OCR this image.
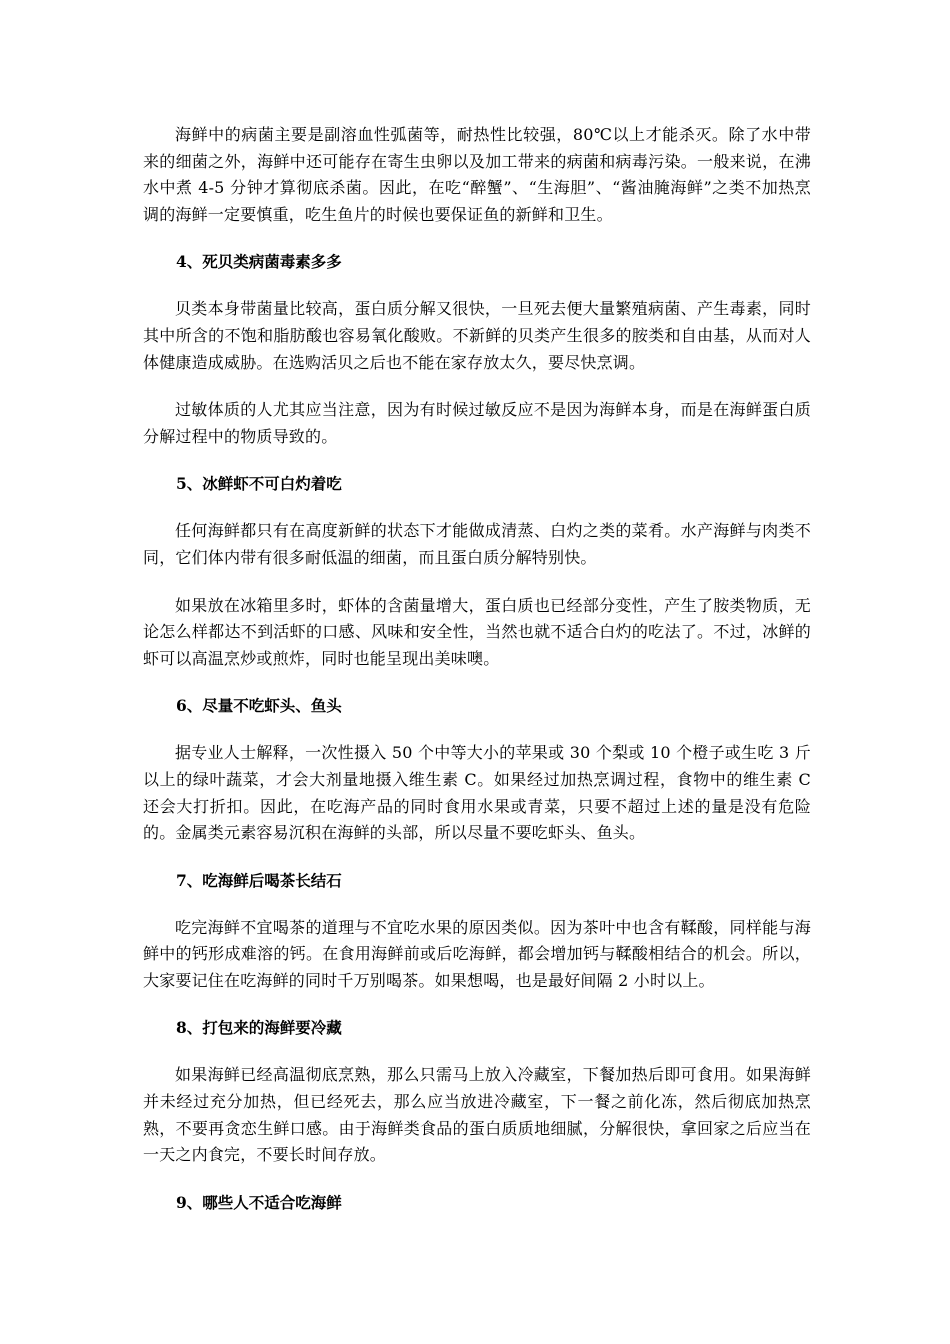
海鲜中的病菌主要是副溶血性弧菌等，耐热性比较强，80℃以上才能杀灭。除了水中带来的细菌之外，海鲜中还可能存在寄生虫卵以及加工带来的病菌和病毒污染。一般来说，在沸水中煮 4-5 分钟才算彻底杀菌。因此，在吃“醉蟹”、“生海胆”、“酱油腌海鲜”之类不加热烹调的海鲜一定要慎重，吃生鱼片的时候也要保证鱼的新鲜和卫生。

4、死贝类病菌毒素多多

贝类本身带菌量比较高，蛋白质分解又很快，一旦死去便大量繁殖病菌、产生毒素，同时其中所含的不饱和脂肪酸也容易氧化酸败。不新鲜的贝类产生很多的胺类和自由基，从而对人体健康造成威胁。在选购活贝之后也不能在家存放太久，要尽快烹调。

过敏体质的人尤其应当注意，因为有时候过敏反应不是因为海鲜本身，而是在海鲜蛋白质分解过程中的物质导致的。

5、冰鲜虾不可白灼着吃

任何海鲜都只有在高度新鲜的状态下才能做成清蒸、白灼之类的菜肴。水产海鲜与肉类不同，它们体内带有很多耐低温的细菌，而且蛋白质分解特别快。

如果放在冰箱里多时，虾体的含菌量增大，蛋白质也已经部分变性，产生了胺类物质，无论怎么样都达不到活虾的口感、风味和安全性，当然也就不适合白灼的吃法了。不过，冰鲜的虾可以高温烹炒或煎炸，同时也能呈现出美味噢。

6、尽量不吃虾头、鱼头

据专业人士解释，一次性摄入 50 个中等大小的苹果或 30 个梨或 10 个橙子或生吃 3 斤以上的绿叶蔬菜，才会大剂量地摄入维生素 C。如果经过加热烹调过程，食物中的维生素 C 还会大打折扣。因此，在吃海产品的同时食用水果或青菜，只要不超过上述的量是没有危险的。金属类元素容易沉积在海鲜的头部，所以尽量不要吃虾头、鱼头。

7、吃海鲜后喝茶长结石

吃完海鲜不宜喝茶的道理与不宜吃水果的原因类似。因为茶叶中也含有鞣酸，同样能与海鲜中的钙形成难溶的钙。在食用海鲜前或后吃海鲜，都会增加钙与鞣酸相结合的机会。所以，大家要记住在吃海鲜的同时千万别喝茶。如果想喝，也是最好间隔 2 小时以上。

8、打包来的海鲜要冷藏

如果海鲜已经高温彻底烹熟，那么只需马上放入冷藏室，下餐加热后即可食用。如果海鲜并未经过充分加热，但已经死去，那么应当放进冷藏室，下一餐之前化冻，然后彻底加热烹熟，不要再贪恋生鲜口感。由于海鲜类食品的蛋白质质地细腻，分解很快，拿回家之后应当在一天之内食完，不要长时间存放。

9、哪些人不适合吃海鲜
